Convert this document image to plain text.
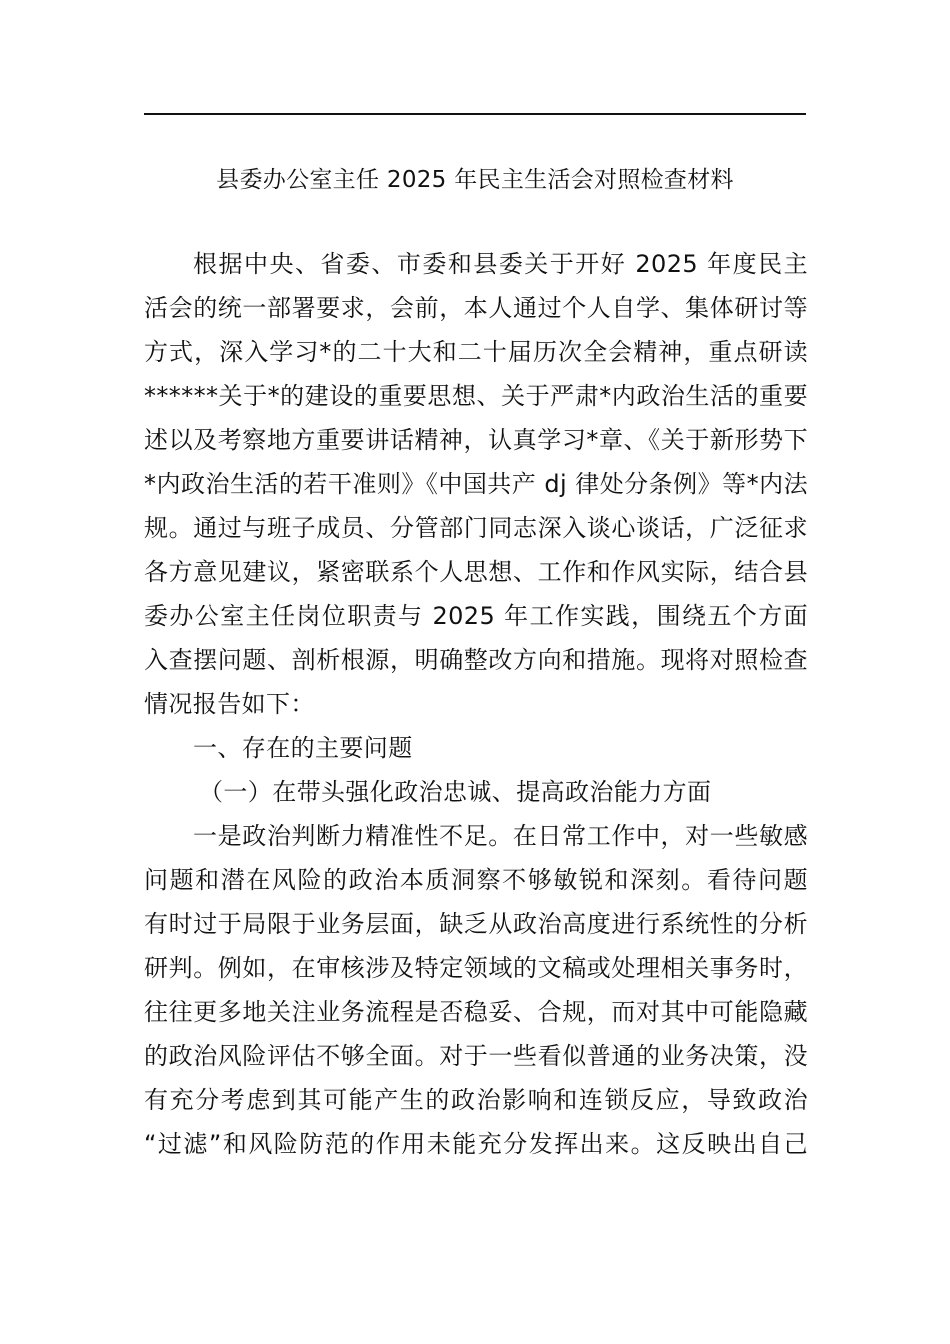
县委办公室主任 2025 年民主生活会对照检查材料
根据中央、省委、市委和县委关于开好 2025 年度民主
活会的统一部署要求，会前，本人通过个人自学、集体研讨等
方式，深入学习*的二十大和二十届历次全会精神，重点研读
******关于*的建设的重要思想、关于严肃*内政治生活的重要
述以及考察地方重要讲话精神，认真学习*章、《关于新形势下
*内政治生活的若干准则》《中国共产 dj 律处分条例》等*内法
规。通过与班子成员、分管部门同志深入谈心谈话，广泛征求
各方意见建议，紧密联系个人思想、工作和作风实际，结合县
委办公室主任岗位职责与 2025 年工作实践，围绕五个方面
入查摆问题、剖析根源，明确整改方向和措施。现将对照检查
情况报告如下：
一、存在的主要问题
（一）在带头强化政治忠诚、提高政治能力方面
一是政治判断力精准性不足。在日常工作中，对一些敏感
问题和潜在风险的政治本质洞察不够敏锐和深刻。看待问题
有时过于局限于业务层面，缺乏从政治高度进行系统性的分析
研判。例如，在审核涉及特定领域的文稿或处理相关事务时，
往往更多地关注业务流程是否稳妥、合规，而对其中可能隐藏
的政治风险评估不够全面。对于一些看似普通的业务决策，没
有充分考虑到其可能产生的政治影响和连锁反应，导致政治
“过滤”和风险防范的作用未能充分发挥出来。这反映出自己
